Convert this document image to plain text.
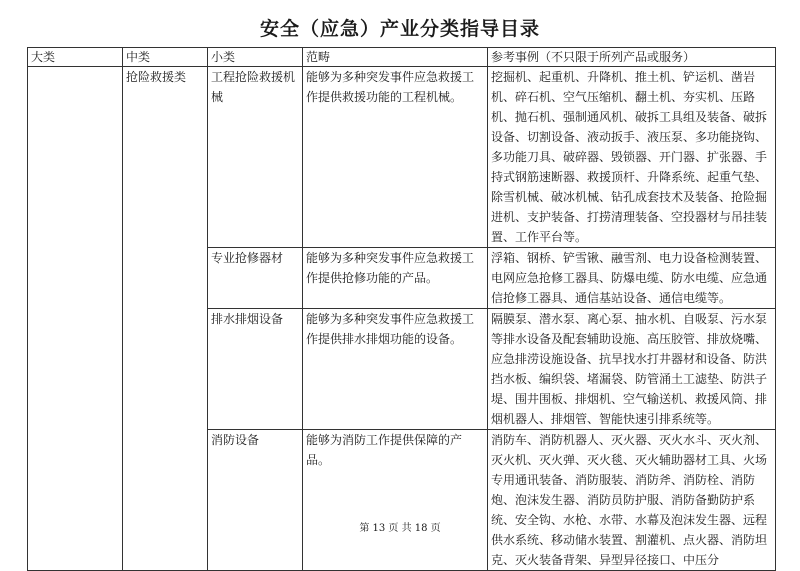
安全（应急）产业分类指导目录
大类	中类	小类	范畴	参考事例（不只限于所列产品或服务）
	抢险救援类	工程抢险救援机械	能够为多种突发事件应急救援工作提供救援功能的工程机械。	挖掘机、起重机、升降机、推土机、铲运机、凿岩机、碎石机、空气压缩机、翻土机、夯实机、压路机、抛石机、强制通风机、破拆工具组及装备、破拆设备、切割设备、液动扳手、液压泵、多功能挠钩、多功能刀具、破碎器、毁锁器、开门器、扩张器、手持式钢筋速断器、救援顶杆、升降系统、起重气垫、除雪机械、破冰机械、钻孔成套技术及装备、抢险掘进机、支护装备、打捞清理装备、空投器材与吊挂装置、工作平台等。
		专业抢修器材	能够为多种突发事件应急救援工作提供抢修功能的产品。	浮箱、钢桥、铲雪锹、融雪剂、电力设备检测装置、电网应急抢修工器具、防爆电缆、防水电缆、应急通信抢修工器具、通信基站设备、通信电缆等。
		排水排烟设备	能够为多种突发事件应急救援工作提供排水排烟功能的设备。	隔膜泵、潜水泵、离心泵、抽水机、自吸泵、污水泵等排水设备及配套辅助设施、高压胶管、排放烧嘴、应急排涝设施设备、抗旱找水打井器材和设备、防洪挡水板、编织袋、堵漏袋、防管涌土工滤垫、防洪子堤、围井围板、排烟机、空气输送机、救援风筒、排烟机器人、排烟管、智能快速引排系统等。
		消防设备	能够为消防工作提供保障的产品。	消防车、消防机器人、灭火器、灭火水斗、灭火剂、灭火机、灭火弹、灭火毯、灭火辅助器材工具、火场专用通讯装备、消防服装、消防斧、消防栓、消防炮、泡沫发生器、消防员防护服、消防备勤防护系统、安全钩、水枪、水带、水幕及泡沫发生器、远程供水系统、移动储水装置、割灌机、点火器、消防坦克、灭火装备背架、异型异径接口、中压分
第 13 页 共 18 页
